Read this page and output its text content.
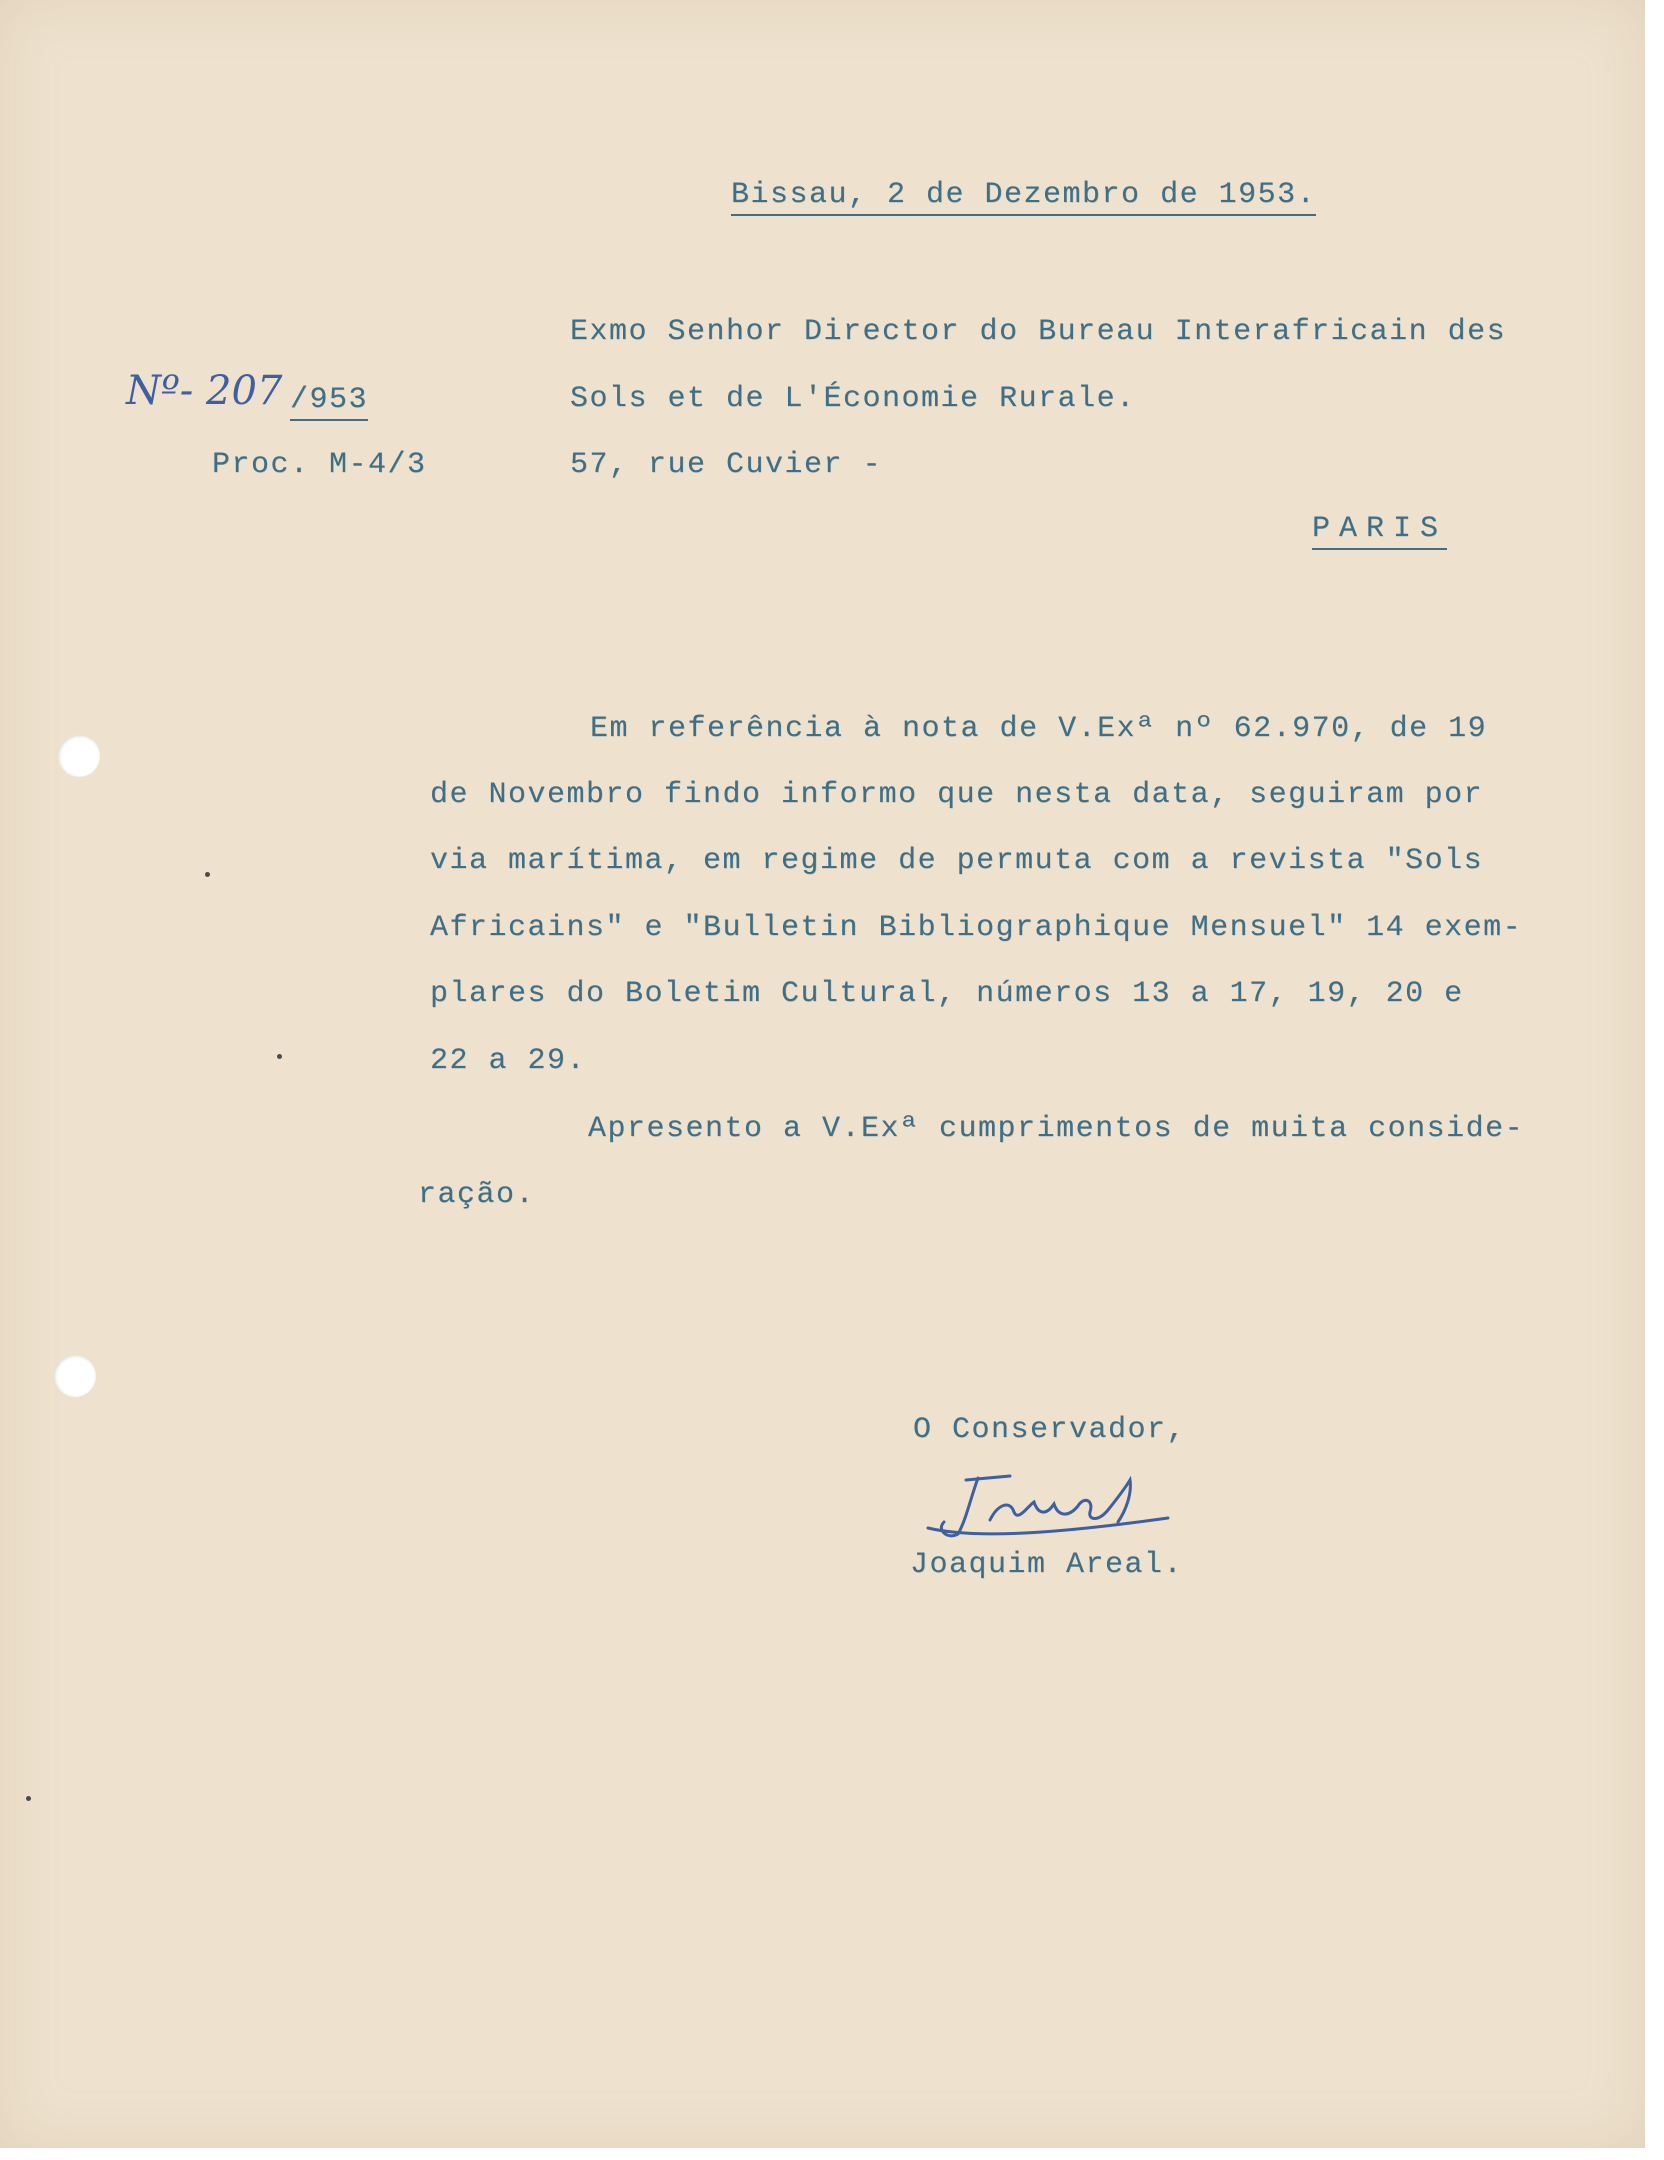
Bissau, 2 de Dezembro de 1953.
Nº- 207 /953
Proc. M-4/3
Exmo Senhor Director do Bureau Interafricain des
Sols et de L'Économie Rurale.
57, rue Cuvier -
PARIS
Em referência à nota de V.Exª nº 62.970, de 19
de Novembro findo informo que nesta data, seguiram por
via marítima, em regime de permuta com a revista "Sols
Africains" e "Bulletin Bibliographique Mensuel" 14 exem-
plares do Boletim Cultural, números 13 a 17, 19, 20 e
22 a 29.
Apresento a V.Exª cumprimentos de muita conside-
ração.
O Conservador,
Joaquim Areal.
